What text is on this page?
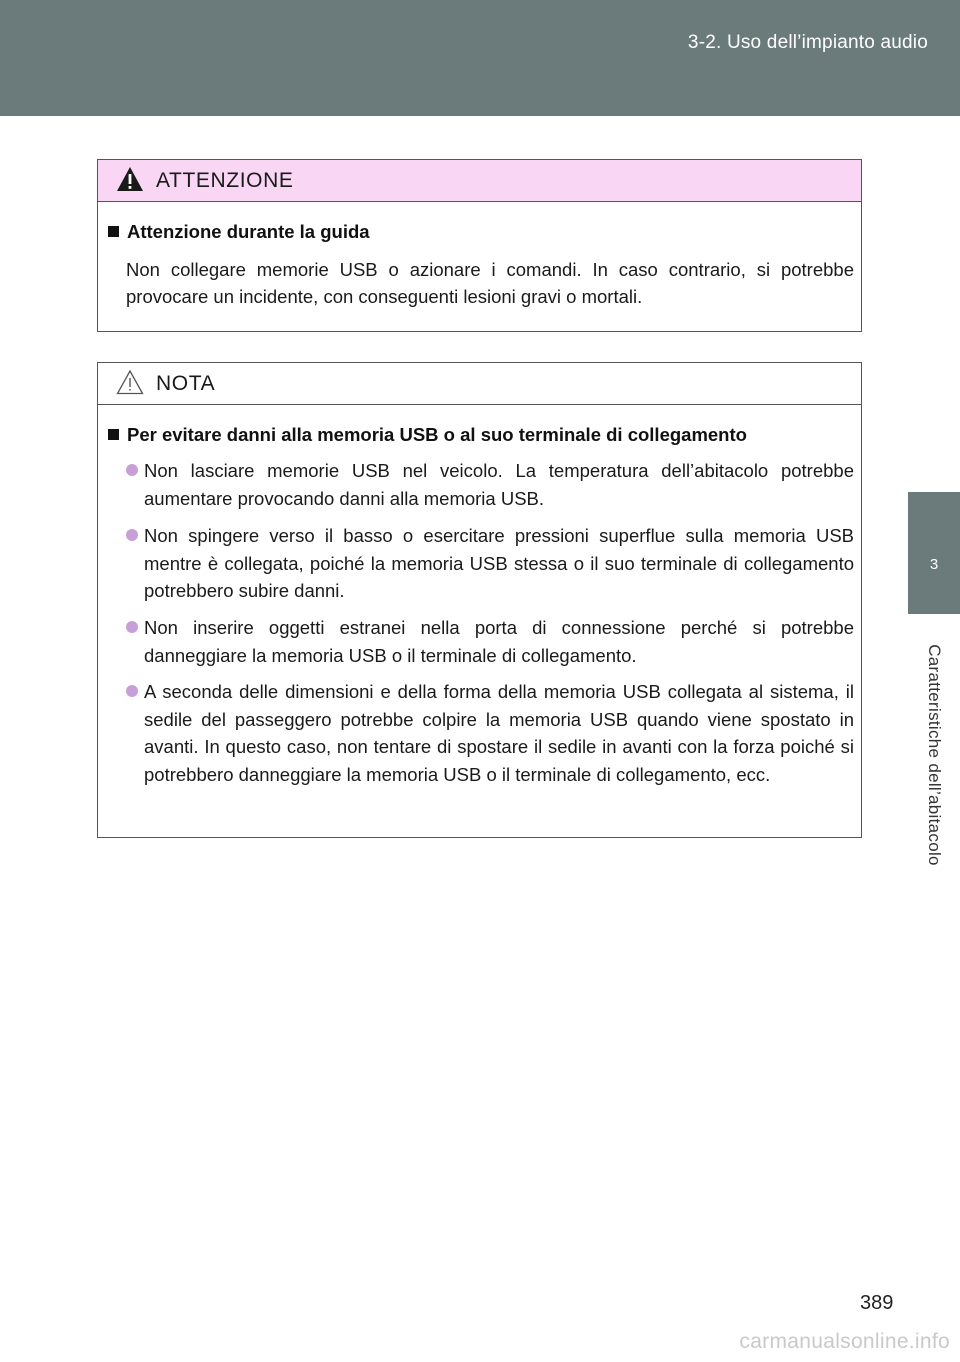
3-2. Uso dell’impianto audio
3
Caratteristiche dell’abitacolo
ATTENZIONE
Attenzione durante la guida
Non collegare memorie USB o azionare i comandi. In caso contrario, si potrebbe provocare un incidente, con conseguenti lesioni gravi o mortali.
NOTA
Per evitare danni alla memoria USB o al suo terminale di collegamento
Non lasciare memorie USB nel veicolo. La temperatura dell’abitacolo potrebbe aumentare provocando danni alla memoria USB.
Non spingere verso il basso o esercitare pressioni superflue sulla memoria USB mentre è collegata, poiché la memoria USB stessa o il suo terminale di collegamento potrebbero subire danni.
Non inserire oggetti estranei nella porta di connessione perché si potrebbe danneggiare la memoria USB o il terminale di collegamento.
A seconda delle dimensioni e della forma della memoria USB collegata al sistema, il sedile del passeggero potrebbe colpire la memoria USB quando viene spostato in avanti. In questo caso, non tentare di spostare il sedile in avanti con la forza poiché si potrebbero danneggiare la memoria USB o il terminale di collegamento, ecc.
389
carmanualsonline.info
